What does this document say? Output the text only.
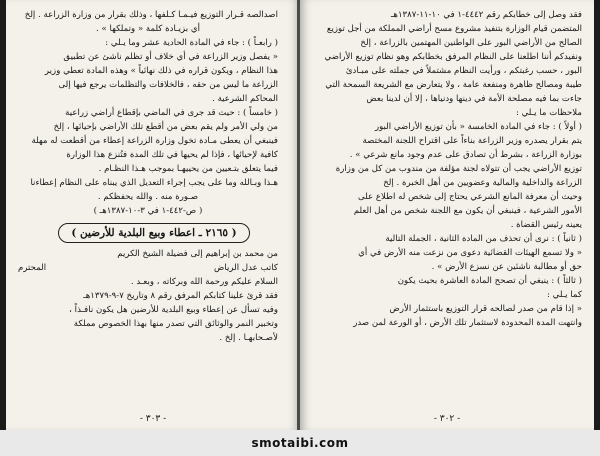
اصدالصه قـرار التوزيع فيـمـا كـلفها ، وذلك بقرار من وزارة الزراعة . إلخ

أي بزيـادة كلمة « وتملكها » .

( رابعـاً ) : جاء في المادة الحادية عشر وما يـلي :

« يفصل وزير الزراعة في أي خلاف أو تظلم ناشئ عن تطبيق

هذا النظام ، ويكون قراره في ذلك نهائياً » وهذه المادة تعطي وزير

الزراعة ما ليس من حقه ، فالخلافات والتظلمات يرجع فيها إلى

المحاكم الشرعية .

( خامساً ) : حيث قد جرى في الماضي بإقطاع أراضي زراعية

من ولي الأمر ولم يقم بعض من أقطع تلك الأراضي بإحيائها ، إلخ

فينبغي أن يعطى مـادة تخول وزارة الزراعة إعطاء من أقطعت له مهلة

كافية لإحيائها ، فإذا لم يحيها في تلك المدة فتُنزع هذا الوزارة

فيما يتعلق بتـعيين من يحييهـا بموجب هـذا النظـام .

هـذا وبـالله وما على يجب إجراء التعديل الذي يبناه على النظام إعطاءنا

صـورة منه . والله يحفظكم .

( ص-٤٤٢-١ في ٣-١٠-١٣٨٧هـ )

( ٢١٦٥ ـ اعطاء وبيع البلدية للأرضين )

من محمد بن إبراهيم إلى فضيلة الشيخ الكريم

كاتب عدل الرياض

المحترم

السلام عليكم ورحمة الله وبركاته ، وبعـد .

فقد قرئ علينا كتابكم المرفق رقم ٨ وتاريخ ٧-٩-١٣٧٩هـ

وفيه تسأل عن إعطاء وبيع البلدية للأرضين هل يكون نافـذاً ،

وتخبير النمر والوثائق التي تصدر منها بهذا الخصوص مملكة

لأصـحابهـا . إلخ .

- ٣٠٣ -

فقد وصل إلى خطابكم رقم ٤٤٤٢-١ في ١٠-١١-١٣٨٧هـ

المتضمن قيام الوزارة بتنفيذ مشروع مسح أراضي المملكة من أجل توزيع

الصالح من الأراضي البور على الواطنين المهتمين بالزراعة ، إلخ

ونفيدكم أننا اطلعنا على النظام المرفق بخطابكم وهو نظام توزيع الأراضي

البور ، حسب رغبتكم ، ورأيت النظام مشتملاً في جملته على مبـادئ

طيبة ومصالح ظاهرة ومنفعة عامة ، ولا يتعارض مع الشريعة السمحة التي

جاءت بما فيه مصلحة الأمة في دينها ودنياها ، إلا أن لدينا بعض

ملاحظات ما يـلي :

( أولاً ) : جاء في المادة الخامسة « بأن توزيع الأراضي البور

يتم بقرار يصدره وزير الزراعة بناءاً على اقتراح اللجنة المختصة

بوزارة الزراعة ، بشرط أن تصادق على عدم وجود مانع شرعي » .

توزيع الأراضي يجب أن تتولاه لجنة مؤلفة من مندوب من كل من وزارة

الزراعة والداخلية والمالية وعضويين من أهل الخبرة . إلخ

وحيث أن معرفة المانع الشرعي يحتاج إلى شخص له اطلاع على

الأمور الشرعية ، فينبغي أن يكون مع اللجنة شخص من أهل العلم

يعينه رئيس القضاة .

( ثانياً ) : نرى أن تحذف من المادة الثانية ، الجملة التالية

« ولا تسمع الهيئات القضائية دعوى من نزعت منه الأرض في أي

حق أو مطالبة ناشئين عن نسزع الأرض » .

( ثالثاً ) : ينبغي أن تصحح المادة العاشرة بحيث يكون

كما يـلي :

« إذا قام من صدر لصالحه قرار التوزيع باستثمار الأرض

وانتهت المدة المحدودة لاستثمار تلك الأرض ، أو الورعة لمن صدر

- ٣٠٢ -
smotaibi.com
